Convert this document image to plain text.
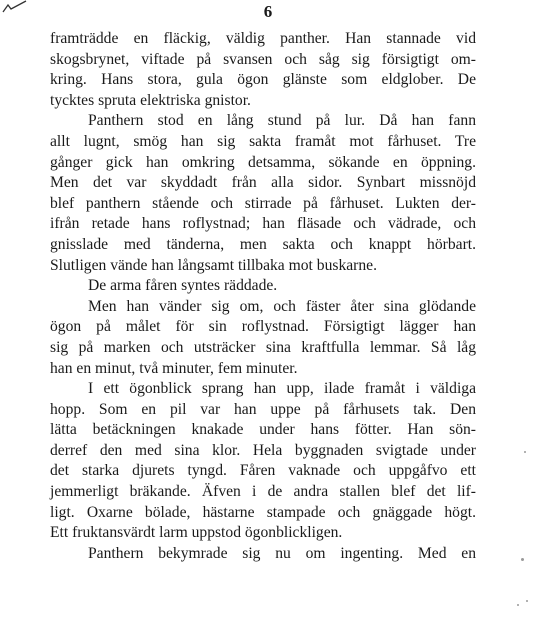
6
framträdde en fläckig, väldig panther. Han stannade vid
skogsbrynet, viftade på svansen och såg sig försigtigt om-
kring. Hans stora, gula ögon glänste som eldglober. De
tycktes spruta elektriska gnistor.
Panthern stod en lång stund på lur. Då han fann
allt lugnt, smög han sig sakta framåt mot fårhuset. Tre
gånger gick han omkring detsamma, sökande en öppning.
Men det var skyddadt från alla sidor. Synbart missnöjd
blef panthern stående och stirrade på fårhuset. Lukten der-
ifrån retade hans roflystnad; han fläsade och vädrade, och
gnisslade med tänderna, men sakta och knappt hörbart.
Slutligen vände han långsamt tillbaka mot buskarne.
De arma fåren syntes räddade.
Men han vänder sig om, och fäster åter sina glödande
ögon på målet för sin roflystnad. Försigtigt lägger han
sig på marken och utsträcker sina kraftfulla lemmar. Så låg
han en minut, två minuter, fem minuter.
I ett ögonblick sprang han upp, ilade framåt i väldiga
hopp. Som en pil var han uppe på fårhusets tak. Den
lätta betäckningen knakade under hans fötter. Han sön-
derref den med sina klor. Hela byggnaden svigtade under
det starka djurets tyngd. Fåren vaknade och uppgåfvo ett
jemmerligt bräkande. Äfven i de andra stallen blef det lif-
ligt. Oxarne bölade, hästarne stampade och gnäggade högt.
Ett fruktansvärdt larm uppstod ögonblickligen.
Panthern bekymrade sig nu om ingenting. Med en
